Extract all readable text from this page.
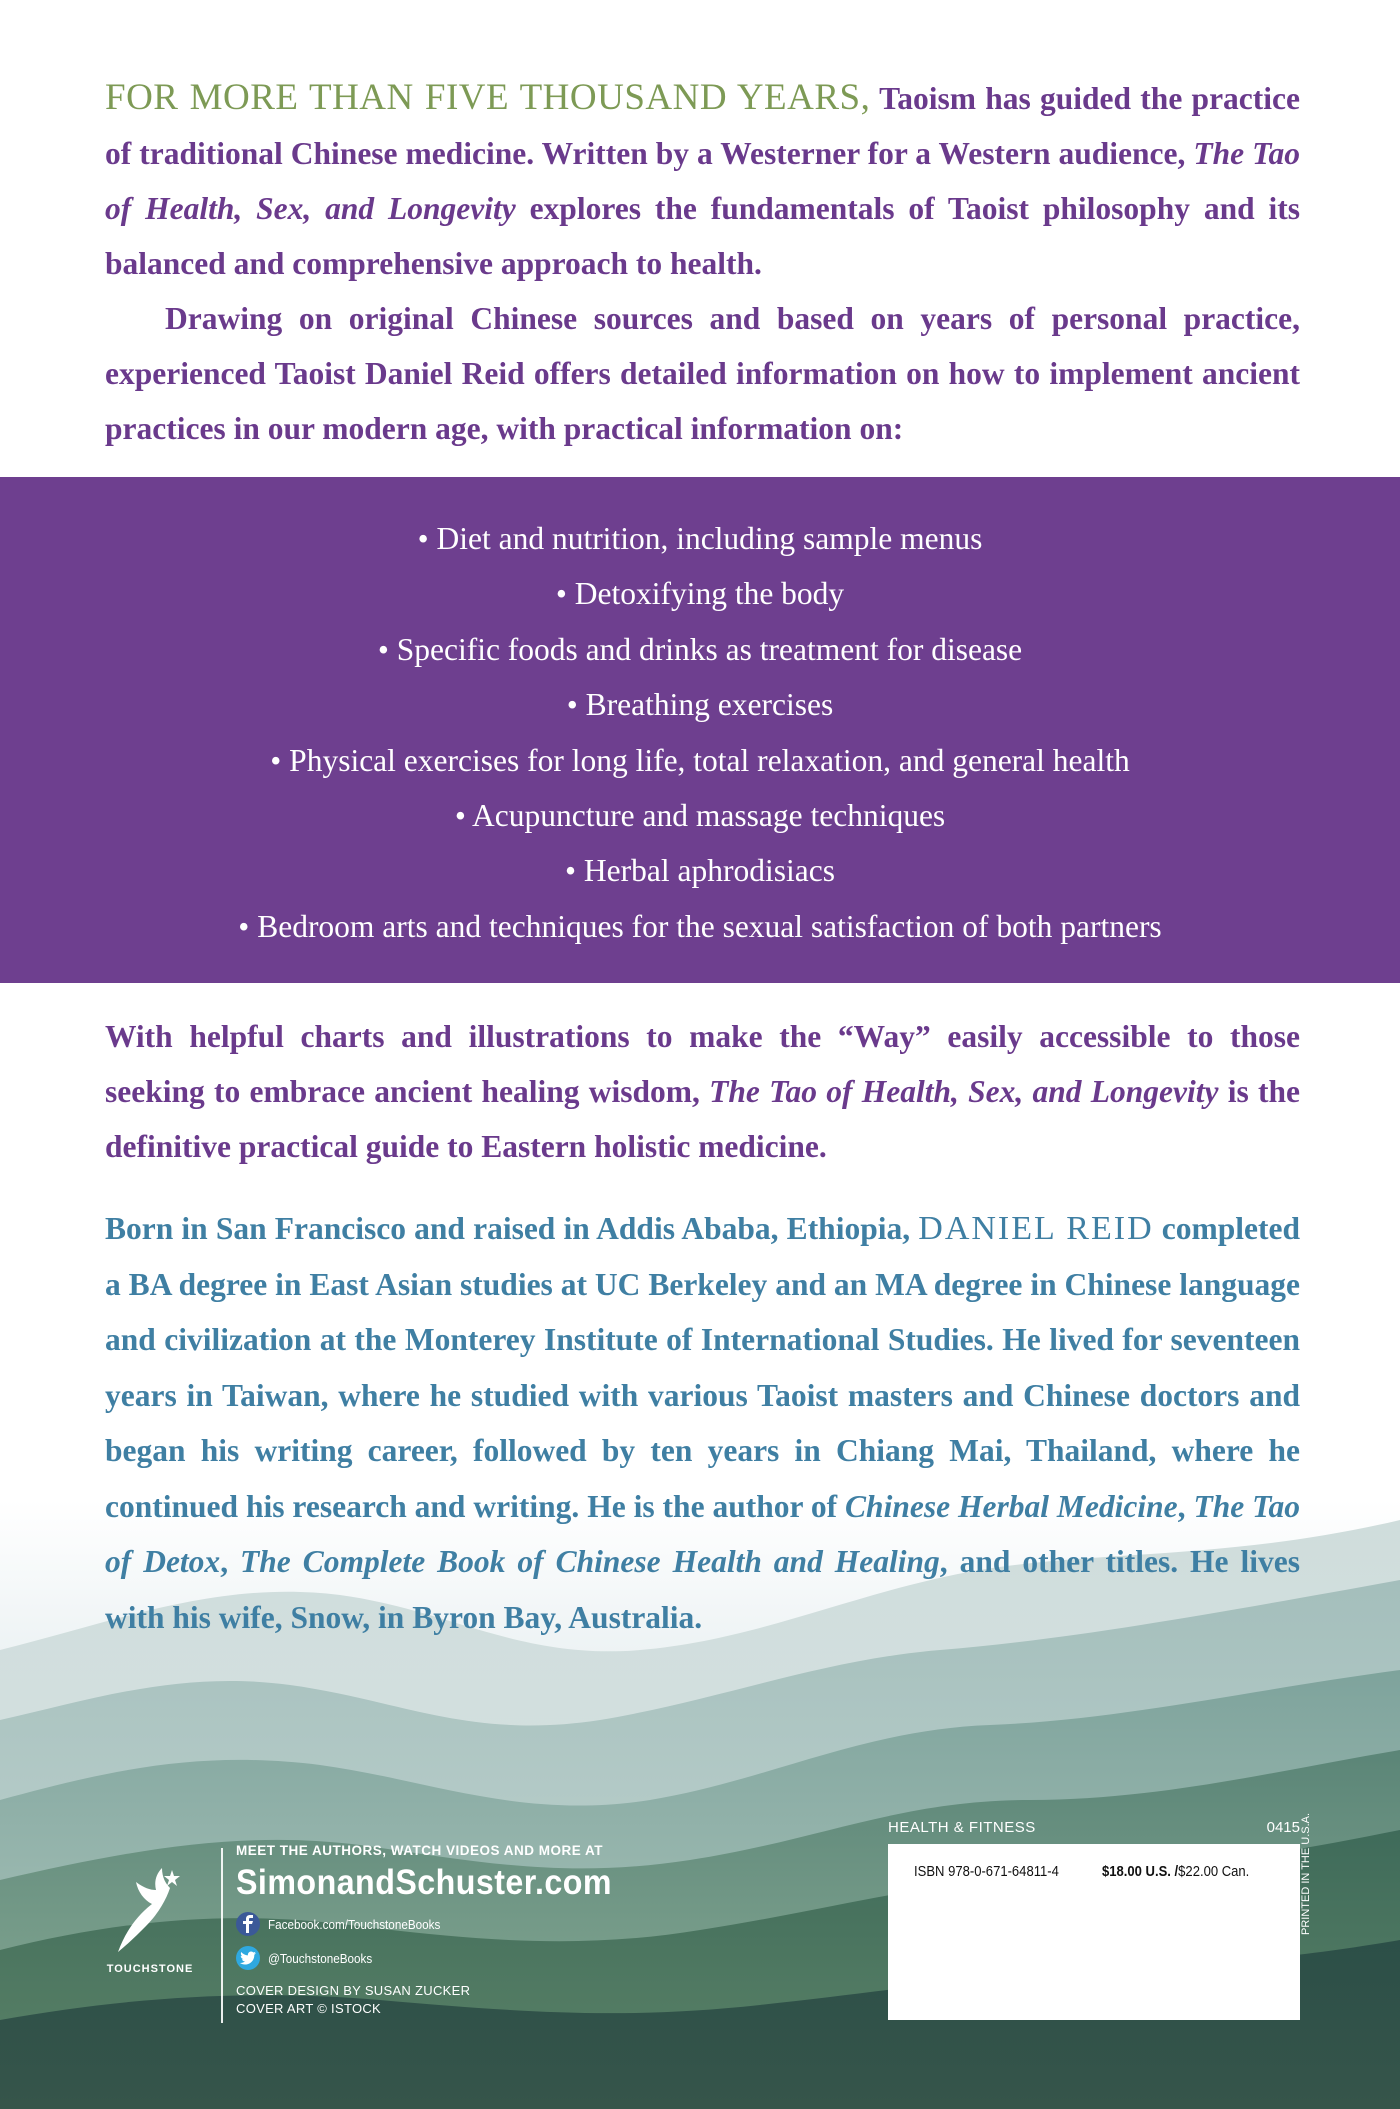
FOR MORE THAN FIVE THOUSAND YEARS, Taoism has guided the practice of traditional Chinese medicine. Written by a Westerner for a Western audience, The Tao of Health, Sex, and Longevity explores the fundamentals of Taoist philosophy and its balanced and comprehensive approach to health.

Drawing on original Chinese sources and based on years of personal practice, experienced Taoist Daniel Reid offers detailed information on how to implement ancient practices in our modern age, with practical information on:

• Diet and nutrition, including sample menus
• Detoxifying the body
• Specific foods and drinks as treatment for disease
• Breathing exercises
• Physical exercises for long life, total relaxation, and general health
• Acupuncture and massage techniques
• Herbal aphrodisiacs
• Bedroom arts and techniques for the sexual satisfaction of both partners

With helpful charts and illustrations to make the “Way” easily accessible to those seeking to embrace ancient healing wisdom, The Tao of Health, Sex, and Longevity is the definitive practical guide to Eastern holistic medicine.

Born in San Francisco and raised in Addis Ababa, Ethiopia, DANIEL REID completed a BA degree in East Asian studies at UC Berkeley and an MA degree in Chinese language and civilization at the Monterey Institute of International Studies. He lived for seventeen years in Taiwan, where he studied with various Taoist masters and Chinese doctors and began his writing career, followed by ten years in Chiang Mai, Thailand, where he continued his research and writing. He is the author of Chinese Herbal Medicine, The Tao of Detox, The Complete Book of Chinese Health and Healing, and other titles. He lives with his wife, Snow, in Byron Bay, Australia.

TOUCHSTONE
MEET THE AUTHORS, WATCH VIDEOS AND MORE AT
SimonandSchuster.com
Facebook.com/TouchstoneBooks
@TouchstoneBooks
COVER DESIGN BY SUSAN ZUCKER
COVER ART © ISTOCK
HEALTH & FITNESS	0415
ISBN 978-0-671-64811-4	$18.00 U.S. /$22.00 Can.	PRINTED IN THE U.S.A.
